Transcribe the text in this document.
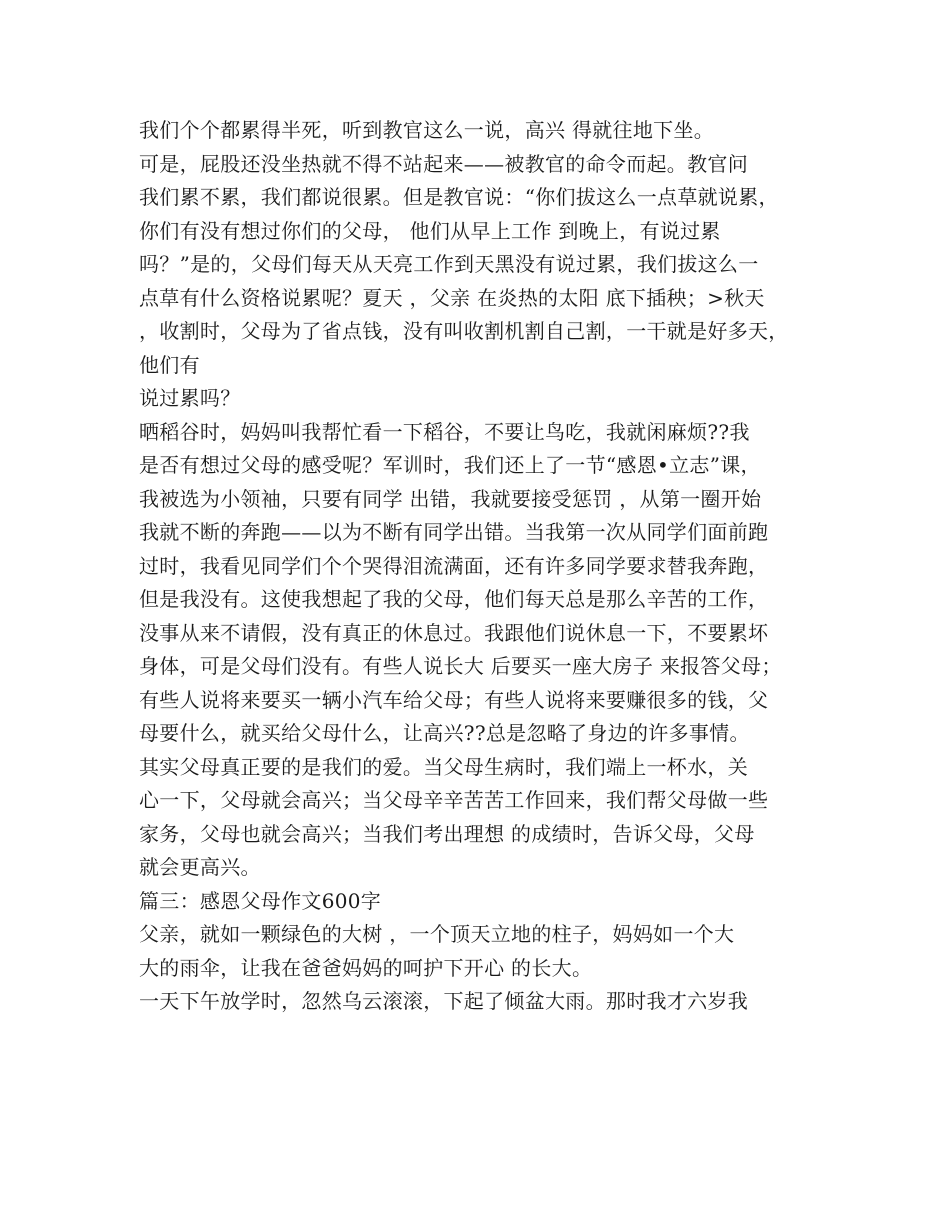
我们个个都累得半死，听到教官这么一说，高兴 得就往地下坐。
可是，屁股还没坐热就不得不站起来——被教官的命令而起。教官问
我们累不累，我们都说很累。但是教官说：“你们拔这么一点草就说累，
你们有没有想过你们的父母， 他们从早上工作 到晚上，有说过累
吗？”是的，父母们每天从天亮工作到天黑没有说过累，我们拔这么一
点草有什么资格说累呢？夏天 ，父亲 在炎热的太阳 底下插秧；>秋天
，收割时，父母为了省点钱，没有叫收割机割自己割，一干就是好多天，
他们有
说过累吗？
晒稻谷时，妈妈叫我帮忙看一下稻谷，不要让鸟吃，我就闲麻烦??我
是否有想过父母的感受呢？军训时，我们还上了一节“感恩•立志”课，
我被选为小领袖，只要有同学 出错，我就要接受惩罚 ，从第一圈开始
我就不断的奔跑——以为不断有同学出错。当我第一次从同学们面前跑
过时，我看见同学们个个哭得泪流满面，还有许多同学要求替我奔跑，
但是我没有。这使我想起了我的父母，他们每天总是那么辛苦的工作，
没事从来不请假，没有真正的休息过。我跟他们说休息一下，不要累坏
身体，可是父母们没有。有些人说长大 后要买一座大房子 来报答父母；
有些人说将来要买一辆小汽车给父母；有些人说将来要赚很多的钱，父
母要什么，就买给父母什么，让高兴??总是忽略了身边的许多事情。
其实父母真正要的是我们的爱。当父母生病时，我们端上一杯水，关
心一下，父母就会高兴；当父母辛辛苦苦工作回来，我们帮父母做一些
家务，父母也就会高兴；当我们考出理想 的成绩时，告诉父母，父母
就会更高兴。
篇三：感恩父母作文600字
父亲，就如一颗绿色的大树 ，一个顶天立地的柱子，妈妈如一个大
大的雨伞，让我在爸爸妈妈的呵护下开心 的长大。
一天下午放学时，忽然乌云滚滚，下起了倾盆大雨。那时我才六岁我
